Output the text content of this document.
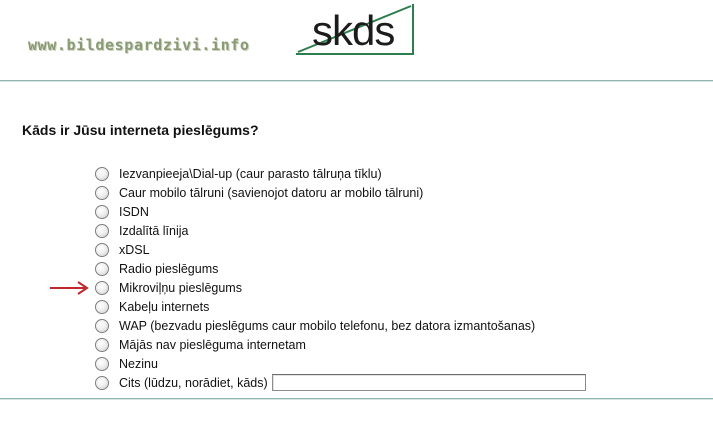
www.bildespardzivi.info skds
Kāds ir Jūsu interneta pieslēgums?
Iezvanpieeja\Dial-up (caur parasto tālruņa tīklu)
Caur mobilo tālruni (savienojot datoru ar mobilo tālruni)
ISDN
Izdalītā līnija
xDSL
Radio pieslēgums
Mikroviļņu pieslēgums
Kabeļu internets
WAP (bezvadu pieslēgums caur mobilo telefonu, bez datora izmantošanas)
Mājās nav pieslēguma internetam
Nezinu
Cits (lūdzu, norādiet, kāds)
